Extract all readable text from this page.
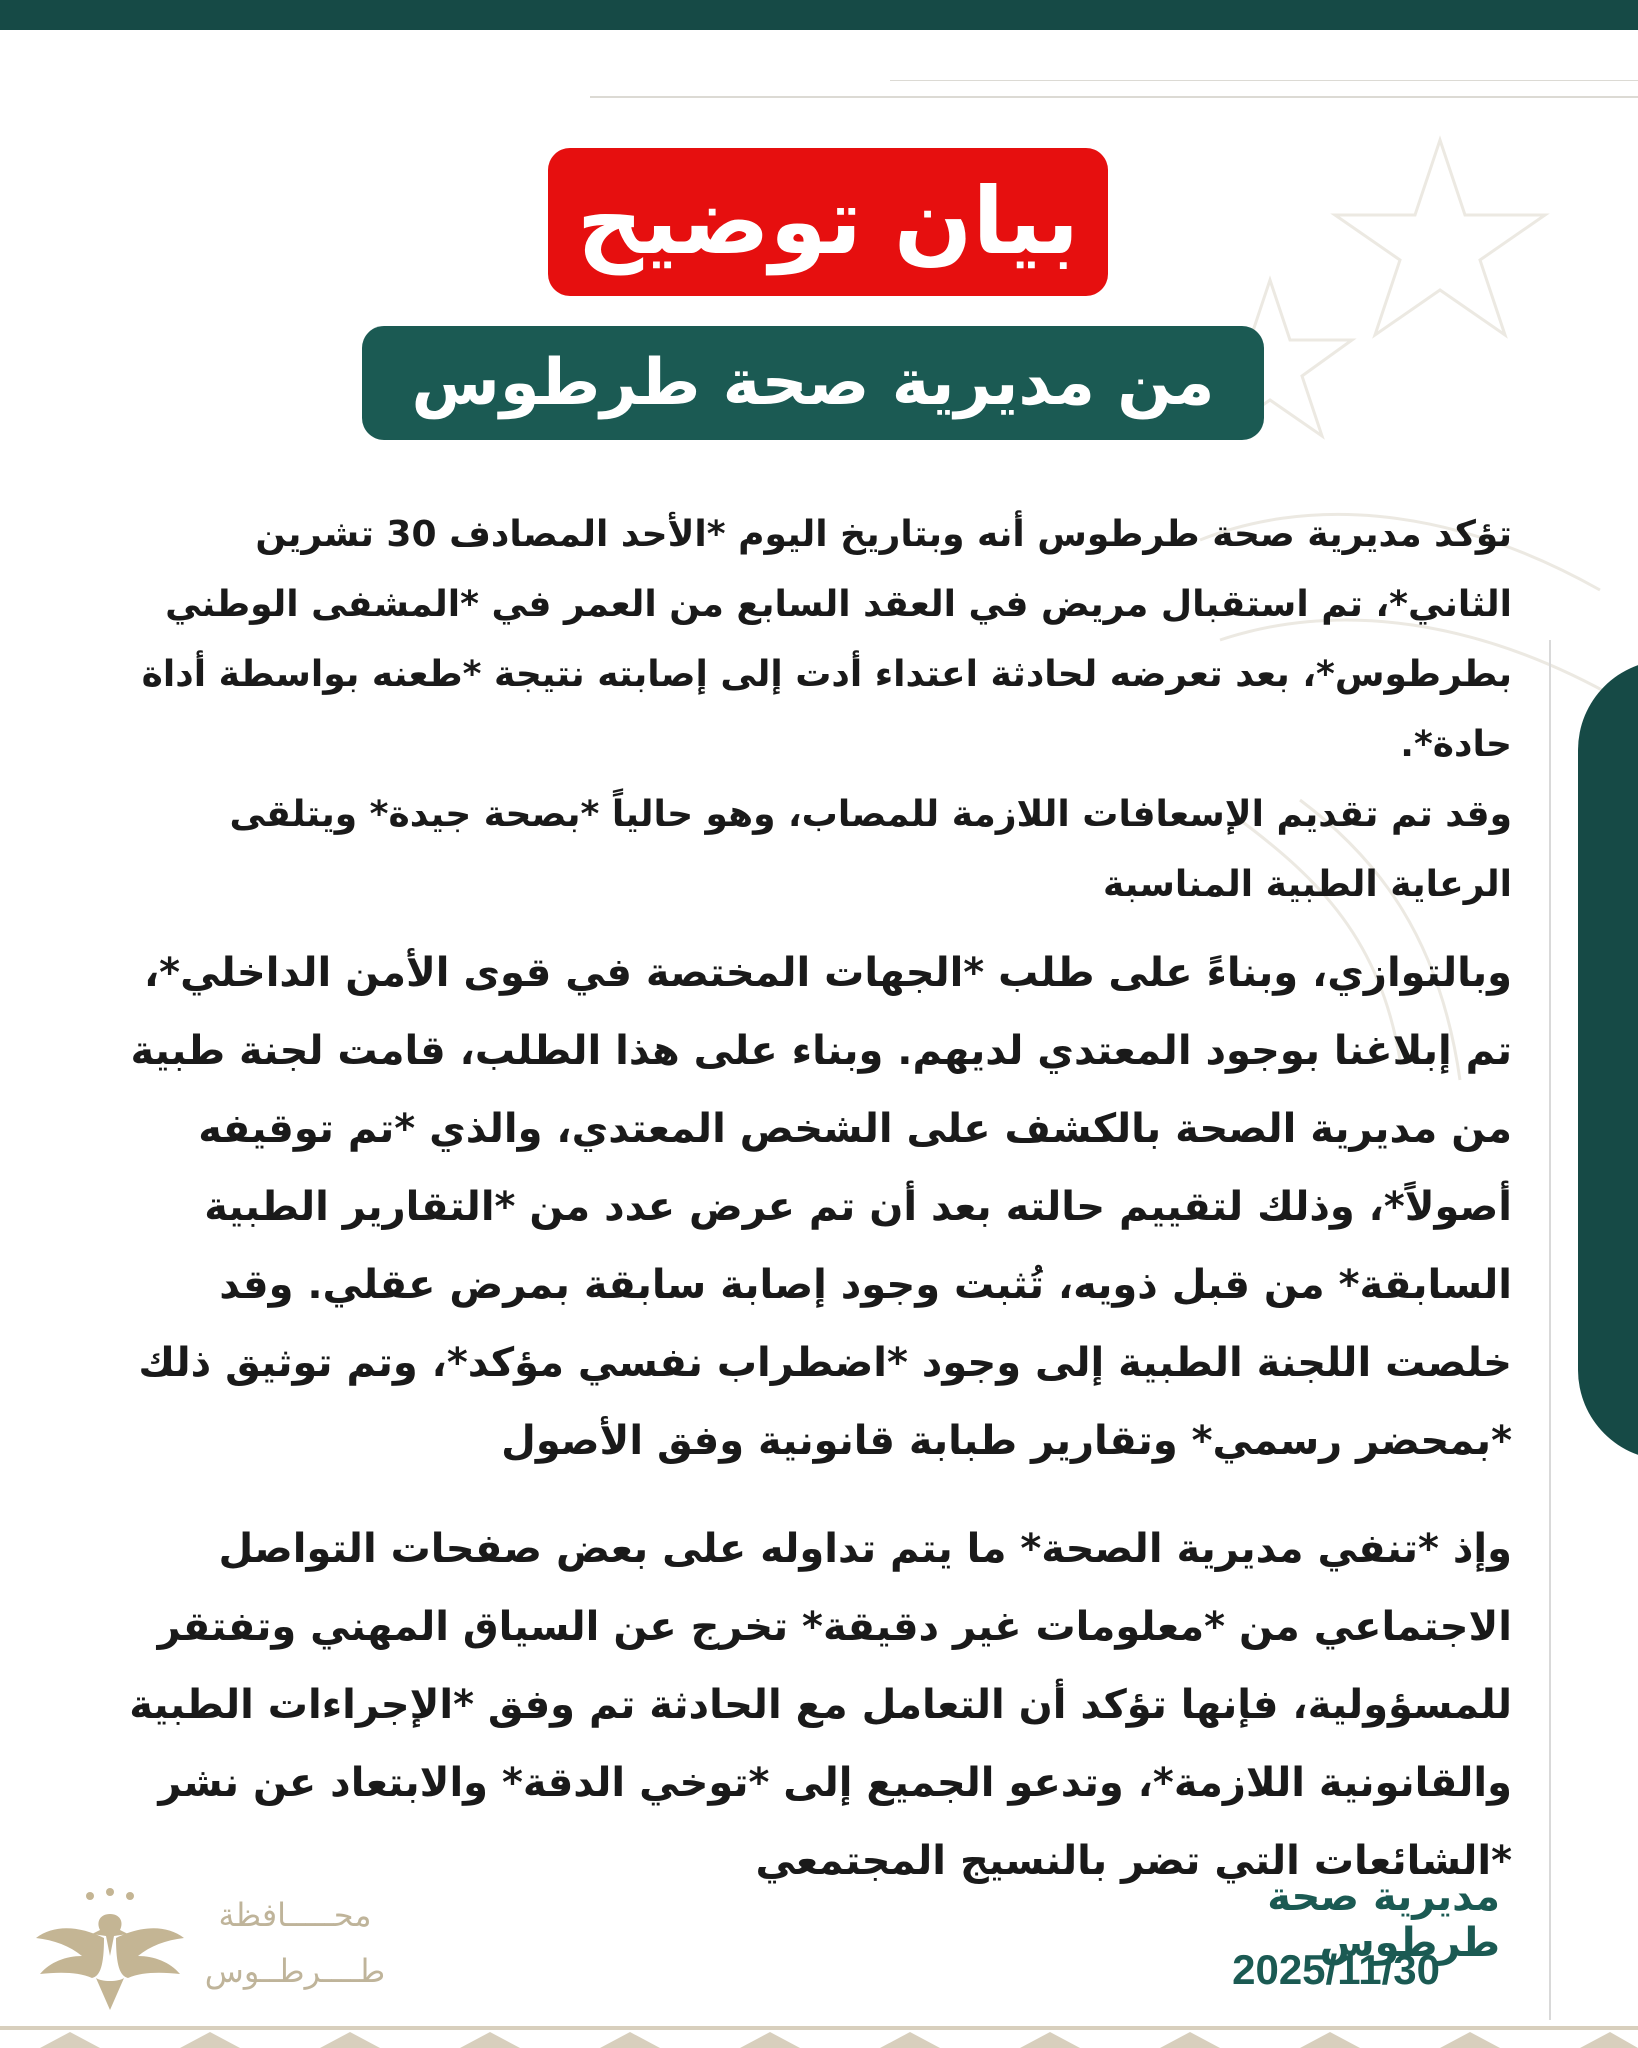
بيان توضيح
من مديرية صحة طرطوس

تؤكد مديرية صحة طرطوس أنه وبتاريخ اليوم *الأحد المصادف 30 تشرين الثاني*، تم استقبال مريض في العقد السابع من العمر في *المشفى الوطني بطرطوس*، بعد تعرضه لحادثة اعتداء أدت إلى إصابته نتيجة *طعنه بواسطة أداة حادة*.

وقد تم تقديم الإسعافات اللازمة للمصاب، وهو حالياً *بصحة جيدة* ويتلقى الرعاية الطبية المناسبة

وبالتوازي، وبناءً على طلب *الجهات المختصة في قوى الأمن الداخلي*، تم إبلاغنا بوجود المعتدي لديهم. وبناء على هذا الطلب، قامت لجنة طبية من مديرية الصحة بالكشف على الشخص المعتدي، والذي *تم توقيفه أصولاً*، وذلك لتقييم حالته بعد أن تم عرض عدد من *التقارير الطبية السابقة* من قبل ذويه، تُثبت وجود إصابة سابقة بمرض عقلي. وقد خلصت اللجنة الطبية إلى وجود *اضطراب نفسي مؤكد*، وتم توثيق ذلك *بمحضر رسمي* وتقارير طبابة قانونية وفق الأصول

وإذ *تنفي مديرية الصحة* ما يتم تداوله على بعض صفحات التواصل الاجتماعي من *معلومات غير دقيقة* تخرج عن السياق المهني وتفتقر للمسؤولية، فإنها تؤكد أن التعامل مع الحادثة تم وفق *الإجراءات الطبية والقانونية اللازمة*، وتدعو الجميع إلى *توخي الدقة* والابتعاد عن نشر *الشائعات التي تضر بالنسيج المجتمعي

مديرية صحة طرطوس
2025/11/30
محـــــافظة
طــــرطــوس
